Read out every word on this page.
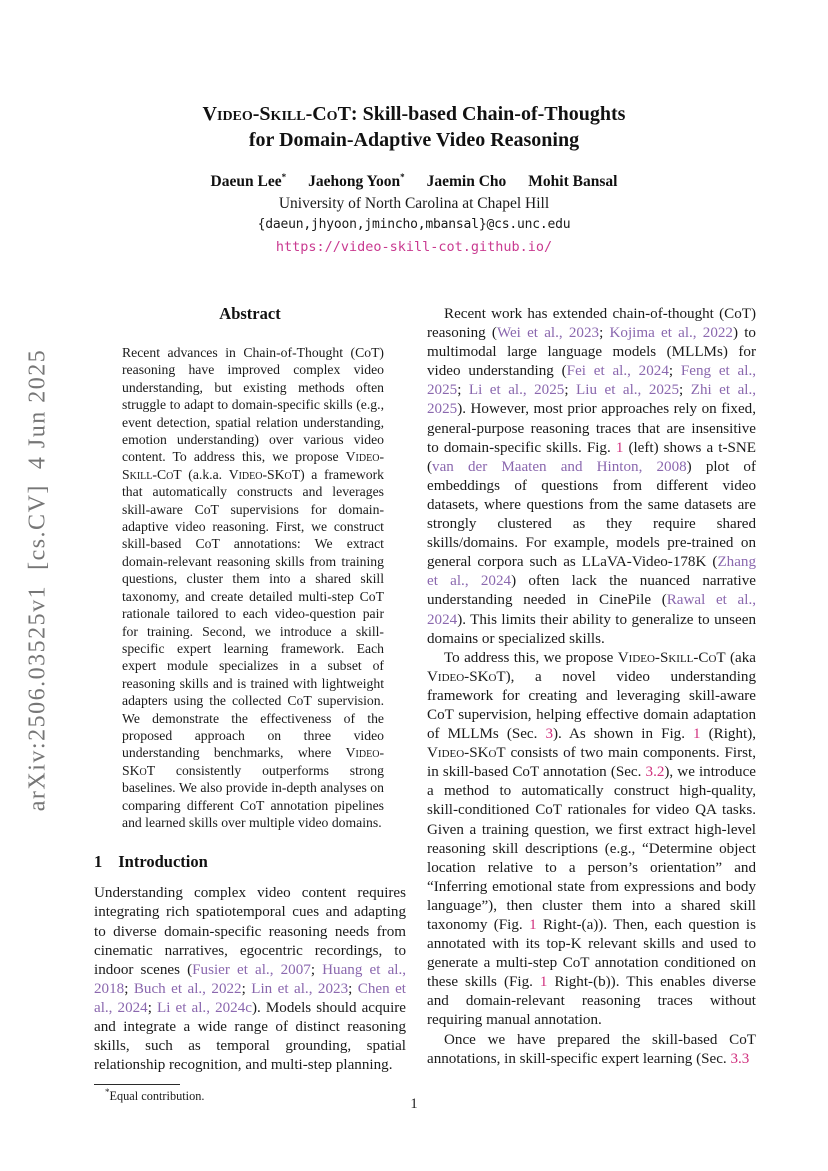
arXiv:2506.03525v1  [cs.CV]  4 Jun 2025
Video-Skill-CoT: Skill-based Chain-of-Thoughts
for Domain-Adaptive Video Reasoning
Daeun Lee* Jaehong Yoon* Jaemin Cho Mohit Bansal
University of North Carolina at Chapel Hill
{daeun,jhyoon,jmincho,mbansal}@cs.unc.edu
https://video-skill-cot.github.io/
Abstract

Recent advances in Chain-of-Thought (CoT) reasoning have improved complex video understanding, but existing methods often struggle to adapt to domain-specific skills (e.g., event detection, spatial relation understanding, emotion understanding) over various video content. To address this, we propose Video-Skill-CoT (a.k.a. Video-SKoT) a framework that automatically constructs and leverages skill-aware CoT supervisions for domain-adaptive video reasoning. First, we construct skill-based CoT annotations: We extract domain-relevant reasoning skills from training questions, cluster them into a shared skill taxonomy, and create detailed multi-step CoT rationale tailored to each video-question pair for training. Second, we introduce a skill-specific expert learning framework. Each expert module specializes in a subset of reasoning skills and is trained with lightweight adapters using the collected CoT supervision. We demonstrate the effectiveness of the proposed approach on three video understanding benchmarks, where Video-SKoT consistently outperforms strong baselines. We also provide in-depth analyses on comparing different CoT annotation pipelines and learned skills over multiple video domains.

1 Introduction

Understanding complex video content requires integrating rich spatiotemporal cues and adapting to diverse domain-specific reasoning needs from cinematic narratives, egocentric recordings, to indoor scenes (Fusier et al., 2007; Huang et al., 2018; Buch et al., 2022; Lin et al., 2023; Chen et al., 2024; Li et al., 2024c). Models should acquire and integrate a wide range of distinct reasoning skills, such as temporal grounding, spatial relationship recognition, and multi-step planning.

*Equal contribution.

Recent work has extended chain-of-thought (CoT) reasoning (Wei et al., 2023; Kojima et al., 2022) to multimodal large language models (MLLMs) for video understanding (Fei et al., 2024; Feng et al., 2025; Li et al., 2025; Liu et al., 2025; Zhi et al., 2025). However, most prior approaches rely on fixed, general-purpose reasoning traces that are insensitive to domain-specific skills. Fig. 1 (left) shows a t-SNE (van der Maaten and Hinton, 2008) plot of embeddings of questions from different video datasets, where questions from the same datasets are strongly clustered as they require shared skills/domains. For example, models pre-trained on general corpora such as LLaVA-Video-178K (Zhang et al., 2024) often lack the nuanced narrative understanding needed in CinePile (Rawal et al., 2024). This limits their ability to generalize to unseen domains or specialized skills.

To address this, we propose Video-Skill-CoT (aka Video-SKoT), a novel video understanding framework for creating and leveraging skill-aware CoT supervision, helping effective domain adaptation of MLLMs (Sec. 3). As shown in Fig. 1 (Right), Video-SKoT consists of two main components. First, in skill-based CoT annotation (Sec. 3.2), we introduce a method to automatically construct high-quality, skill-conditioned CoT rationales for video QA tasks. Given a training question, we first extract high-level reasoning skill descriptions (e.g., “Determine object location relative to a person’s orientation” and “Inferring emotional state from expressions and body language”), then cluster them into a shared skill taxonomy (Fig. 1 Right-(a)). Then, each question is annotated with its top-K relevant skills and used to generate a multi-step CoT annotation conditioned on these skills (Fig. 1 Right-(b)). This enables diverse and domain-relevant reasoning traces without requiring manual annotation.

Once we have prepared the skill-based CoT annotations, in skill-specific expert learning (Sec. 3.3

1
